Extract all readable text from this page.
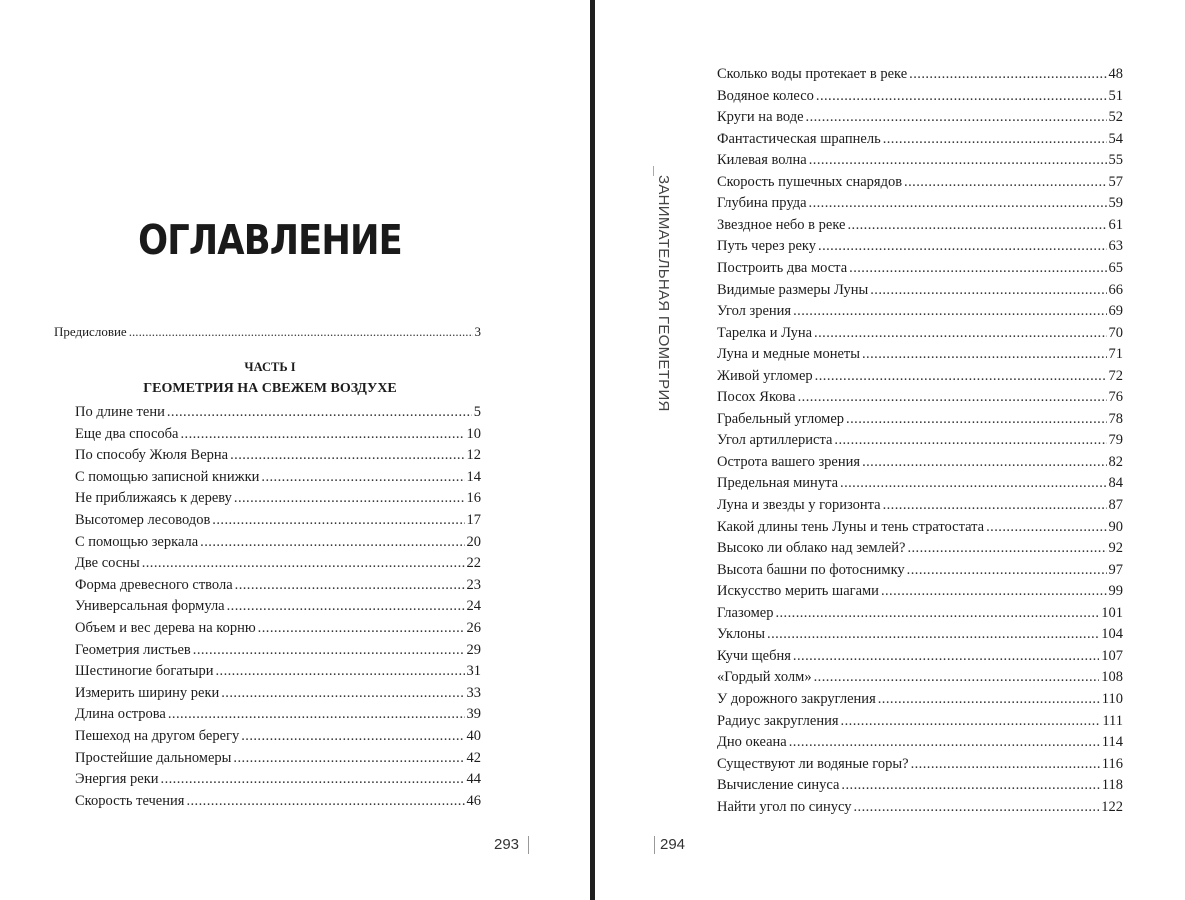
ОГЛАВЛЕНИЕ
Предисловие . . .	3
ЧАСТЬ I
ГЕОМЕТРИЯ НА СВЕЖЕМ ВОЗДУХЕ
По длине тени . . .	5
Еще два способа . . .	10
По способу Жюля Верна . . .	12
С помощью записной книжки . . .	14
Не приближаясь к дереву . . .	16
Высотомер лесоводов . . .	17
С помощью зеркала . . .	20
Две сосны . . .	22
Форма древесного ствола . . .	23
Универсальная формула . . .	24
Объем и вес дерева на корню . . .	26
Геометрия листьев . . .	29
Шестиногие богатыри . . .	31
Измерить ширину реки . . .	33
Длина острова . . .	39
Пешеход на другом берегу . . .	40
Простейшие дальномеры . . .	42
Энергия реки . . .	44
Скорость течения . . .	46
293
ЗАНИМАТЕЛЬНАЯ ГЕОМЕТРИЯ
Сколько воды протекает в реке . . .	48
Водяное колесо . . .	51
Круги на воде . . .	52
Фантастическая шрапнель . . .	54
Килевая волна . . .	55
Скорость пушечных снарядов . . .	57
Глубина пруда . . .	59
Звездное небо в реке . . .	61
Путь через реку . . .	63
Построить два моста . . .	65
Видимые размеры Луны . . .	66
Угол зрения . . .	69
Тарелка и Луна . . .	70
Луна и медные монеты . . .	71
Живой угломер . . .	72
Посох Якова . . .	76
Грабельный угломер . . .	78
Угол артиллериста . . .	79
Острота вашего зрения . . .	82
Предельная минута . . .	84
Луна и звезды у горизонта . . .	87
Какой длины тень Луны и тень стратостата . . .	90
Высоко ли облако над землей? . . .	92
Высота башни по фотоснимку . . .	97
Искусство мерить шагами . . .	99
Глазомер . . .	101
Уклоны . . .	104
Кучи щебня . . .	107
«Гордый холм» . . .	108
У дорожного закругления . . .	110
Радиус закругления . . .	111
Дно океана . . .	114
Существуют ли водяные горы? . . .	116
Вычисление синуса . . .	118
Найти угол по синусу . . .	122
294
